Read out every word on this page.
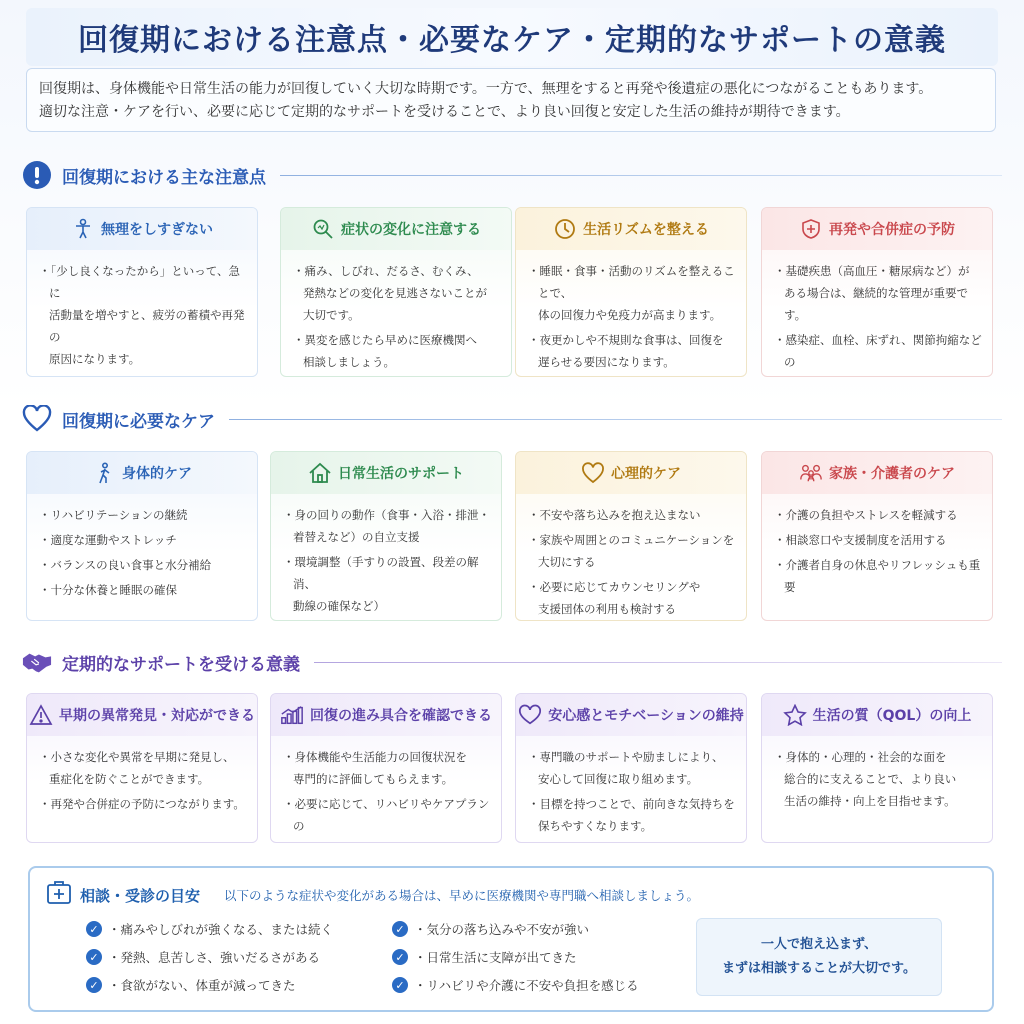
回復期における注意点・必要なケア・定期的なサポートの意義

回復期は、身体機能や日常生活の能力が回復していく大切な時期です。一方で、無理をすると再発や後遺症の悪化につながることもあります。

適切な注意・ケアを行い、必要に応じて定期的なサポートを受けることで、より良い回復と安定した生活の維持が期待できます。

回復期における主な注意点
無理をしすぎない
・ 「少し良くなったから」といって、急に
活動量を増やすと、疲労の蓄積や再発の
原因になります。
・
症状の変化に注意する
・ 痛み、しびれ、だるさ、むくみ、
発熱などの変化を見逃さないことが
大切です。
・ 異変を感じたら早めに医療機関へ
相談しましょう。
生活リズムを整える
・ 睡眠・食事・活動のリズムを整えることで、
体の回復力や免疫力が高まります。
・ 夜更かしや不規則な食事は、回復を
遅らせる要因になります。
再発や合併症の予防
・ 基礎疾患（高血圧・糖尿病など）が
ある場合は、継続的な管理が重要です。
・ 感染症、血栓、床ずれ、関節拘縮などの

回復期に必要なケア
身体的ケア
・ リハビリテーションの継続
・ 適度な運動やストレッチ
・ バランスの良い食事と水分補給
・ 十分な休養と睡眠の確保
日常生活のサポート
・ 身の回りの動作（食事・入浴・排泄・
着替えなど）の自立支援
・ 環境調整（手すりの設置、段差の解消、
動線の確保など）
・
心理的ケア
・ 不安や落ち込みを抱え込まない
・ 家族や周囲とのコミュニケーションを
大切にする
・ 必要に応じてカウンセリングや
支援団体の利用も検討する
家族・介護者のケア
・ 介護の負担やストレスを軽減する
・ 相談窓口や支援制度を活用する
・ 介護者自身の休息やリフレッシュも重要
定期的なサポートを受ける意義
早期の異常発見・対応ができる
・ 小さな変化や異常を早期に発見し、
重症化を防ぐことができます。
・ 再発や合併症の予防につながります。
回復の進み具合を確認できる
・ 身体機能や生活能力の回復状況を
専門的に評価してもらえます。
・ 必要に応じて、リハビリやケアプランの

安心感とモチベーションの維持
・ 専門職のサポートや励ましにより、
安心して回復に取り組めます。
・ 目標を持つことで、前向きな気持ちを
保ちやすくなります。
生活の質（QOL）の向上
・ 身体的・心理的・社会的な面を
総合的に支えることで、より良い
生活の維持・向上を目指せます。
相談・受診の目安 以下のような症状や変化がある場合は、早めに医療機関や専門職へ相談しましょう。
✓ ・痛みやしびれが強くなる、または続く
✓ ・発熱、息苦しさ、強いだるさがある
✓ ・食欲がない、体重が減ってきた
✓ ・気分の落ち込みや不安が強い
✓ ・日常生活に支障が出てきた
✓ ・リハビリや介護に不安や負担を感じる
一人で抱え込まず、
まずは相談することが大切です。
